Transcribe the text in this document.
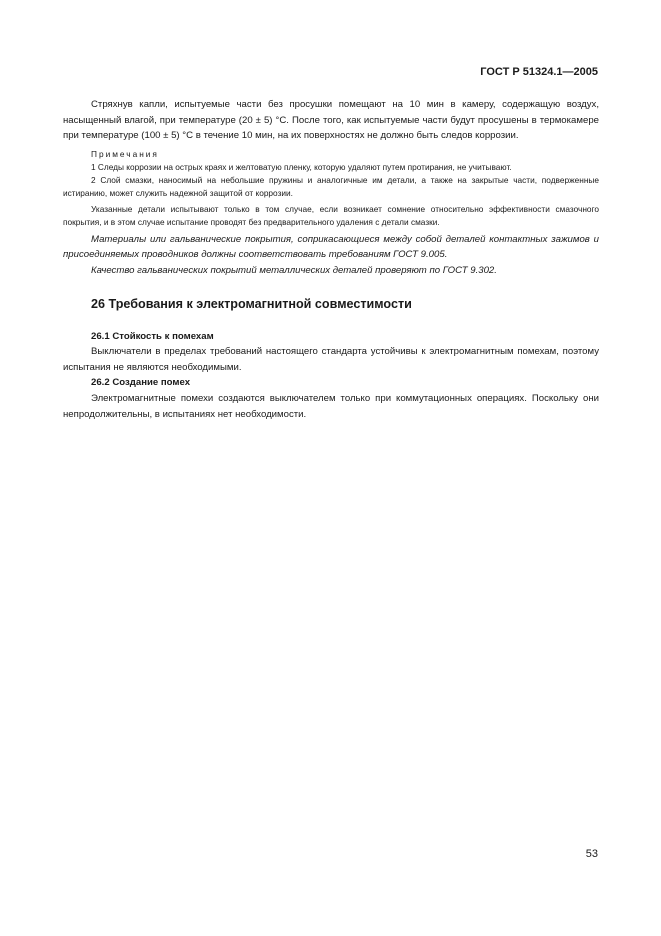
ГОСТ Р 51324.1—2005

Стряхнув капли, испытуемые части без просушки помещают на 10 мин в камеру, содержащую воздух, насыщенный влагой, при температуре (20 ± 5) °С. После того, как испытуемые части будут просушены в термокамере при температуре (100 ± 5) °С в течение 10 мин, на их поверхностях не должно быть следов коррозии.

Примечания

1 Следы коррозии на острых краях и желтоватую пленку, которую удаляют путем протирания, не учитывают.

2 Слой смазки, наносимый на небольшие пружины и аналогичные им детали, а также на закрытые части, подверженные истиранию, может служить надежной защитой от коррозии.

Указанные детали испытывают только в том случае, если возникает сомнение относительно эффективности смазочного покрытия, и в этом случае испытание проводят без предварительного удаления с детали смазки.

Материалы или гальванические покрытия, соприкасающиеся между собой деталей контактных зажимов и присоединяемых проводников должны соответствовать требованиям ГОСТ 9.005.

Качество гальванических покрытий металлических деталей проверяют по ГОСТ 9.302.

26 Требования к электромагнитной совместимости

26.1 Стойкость к помехам

Выключатели в пределах требований настоящего стандарта устойчивы к электромагнитным помехам, поэтому испытания не являются необходимыми.

26.2 Создание помех

Электромагнитные помехи создаются выключателем только при коммутационных операциях. Поскольку они непродолжительны, в испытаниях нет необходимости.

53
